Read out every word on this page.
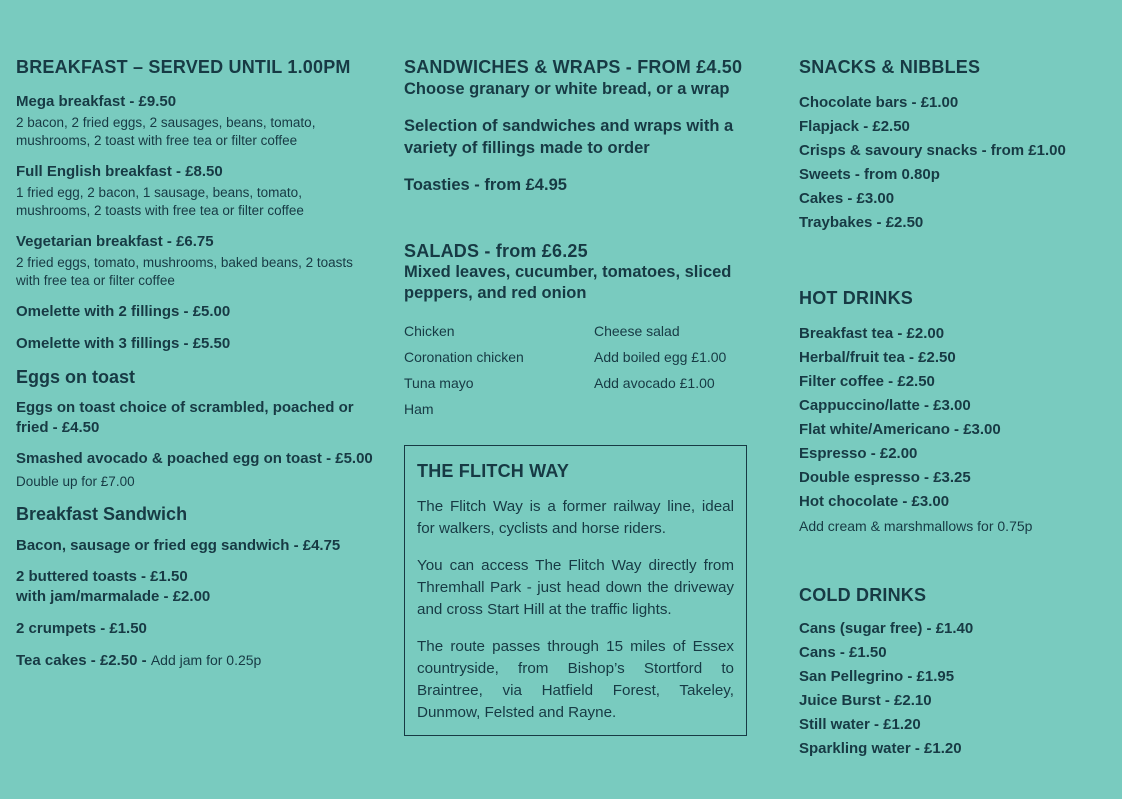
BREAKFAST – SERVED UNTIL 1.00PM

Mega breakfast - £9.50

2 bacon, 2 fried eggs, 2 sausages, beans, tomato, mushrooms, 2 toast with free tea or filter coffee

Full English breakfast - £8.50

1 fried egg, 2 bacon, 1 sausage, beans, tomato, mushrooms, 2 toasts with free tea or filter coffee

Vegetarian breakfast - £6.75

2 fried eggs, tomato, mushrooms, baked beans, 2 toasts with free tea or filter coffee

Omelette with 2 fillings - £5.00

Omelette with 3 fillings - £5.50

Eggs on toast

Eggs on toast choice of scrambled, poached or fried - £4.50

Smashed avocado & poached egg on toast - £5.00

Double up for £7.00

Breakfast Sandwich

Bacon, sausage or fried egg sandwich - £4.75

2 buttered toasts - £1.50

with jam/marmalade - £2.00

2 crumpets - £1.50

Tea cakes - £2.50 - Add jam for 0.25p

SANDWICHES & WRAPS - FROM £4.50

Choose granary or white bread, or a wrap

Selection of sandwiches and wraps with a variety of fillings made to order

Toasties - from £4.95

SALADS - from £6.25

Mixed leaves, cucumber, tomatoes, sliced peppers, and red onion

Chicken
Coronation chicken
Tuna mayo
Ham
Cheese salad
Add boiled egg £1.00
Add avocado £1.00
THE FLITCH WAY

The Flitch Way is a former railway line, ideal for walkers, cyclists and horse riders.

You can access The Flitch Way directly from Thremhall Park - just head down the driveway and cross Start Hill at the traffic lights.

The route passes through 15 miles of Essex countryside, from Bishop’s Stortford to Braintree, via Hatfield Forest, Takeley, Dunmow, Felsted and Rayne.

SNACKS & NIBBLES

Chocolate bars - £1.00

Flapjack - £2.50

Crisps & savoury snacks - from £1.00

Sweets - from 0.80p

Cakes - £3.00

Traybakes - £2.50

HOT DRINKS

Breakfast tea - £2.00

Herbal/fruit tea - £2.50

Filter coffee - £2.50

Cappuccino/latte - £3.00

Flat white/Americano - £3.00

Espresso - £2.00

Double espresso - £3.25

Hot chocolate - £3.00

Add cream & marshmallows for 0.75p

COLD DRINKS

Cans (sugar free) - £1.40

Cans - £1.50

San Pellegrino - £1.95

Juice Burst - £2.10

Still water - £1.20

Sparkling water - £1.20
